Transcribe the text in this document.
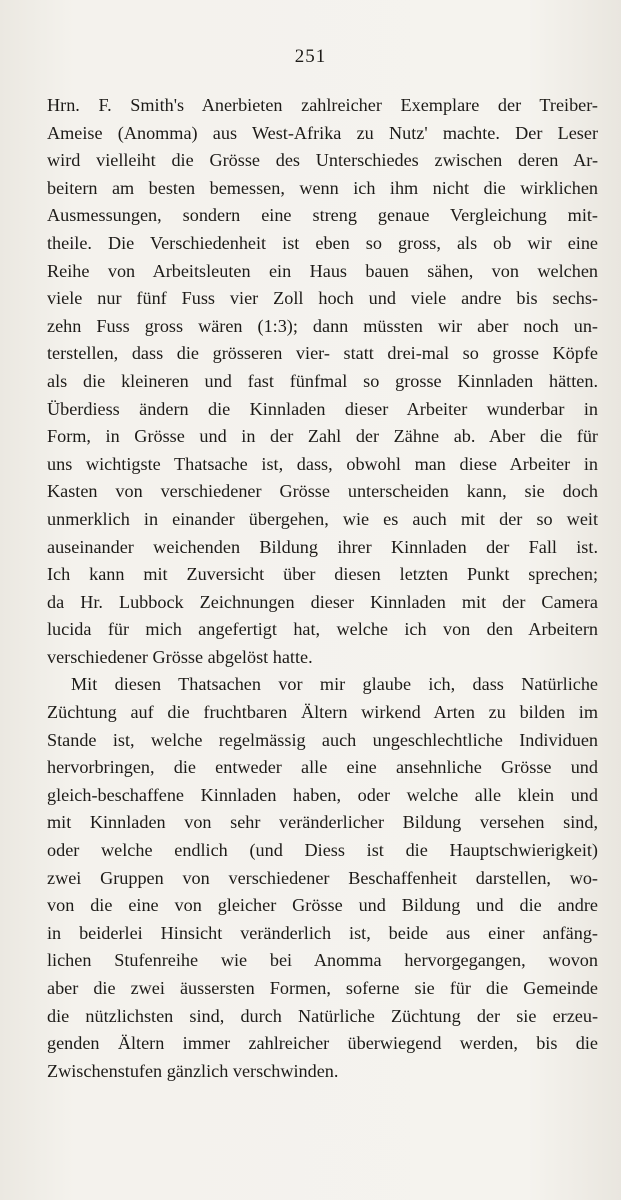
251
Hrn. F. Smith's Anerbieten zahlreicher Exemplare der Treiber-
Ameise (Anomma) aus West-Afrika zu Nutz' machte. Der Leser
wird vielleiht die Grösse des Unterschiedes zwischen deren Ar-
beitern am besten bemessen, wenn ich ihm nicht die wirklichen
Ausmessungen, sondern eine streng genaue Vergleichung mit-
theile. Die Verschiedenheit ist eben so gross, als ob wir eine
Reihe von Arbeitsleuten ein Haus bauen sähen, von welchen
viele nur fünf Fuss vier Zoll hoch und viele andre bis sechs-
zehn Fuss gross wären (1:3); dann müssten wir aber noch un-
terstellen, dass die grösseren vier- statt drei-mal so grosse Köpfe
als die kleineren und fast fünfmal so grosse Kinnladen hätten.
Überdiess ändern die Kinnladen dieser Arbeiter wunderbar in
Form, in Grösse und in der Zahl der Zähne ab. Aber die für
uns wichtigste Thatsache ist, dass, obwohl man diese Arbeiter in
Kasten von verschiedener Grösse unterscheiden kann, sie doch
unmerklich in einander übergehen, wie es auch mit der so weit
auseinander weichenden Bildung ihrer Kinnladen der Fall ist.
Ich kann mit Zuversicht über diesen letzten Punkt sprechen;
da Hr. Lubbock Zeichnungen dieser Kinnladen mit der Camera
lucida für mich angefertigt hat, welche ich von den Arbeitern
verschiedener Grösse abgelöst hatte.
Mit diesen Thatsachen vor mir glaube ich, dass Natürliche
Züchtung auf die fruchtbaren Ältern wirkend Arten zu bilden im
Stande ist, welche regelmässig auch ungeschlechtliche Individuen
hervorbringen, die entweder alle eine ansehnliche Grösse und
gleich-beschaffene Kinnladen haben, oder welche alle klein und
mit Kinnladen von sehr veränderlicher Bildung versehen sind,
oder welche endlich (und Diess ist die Hauptschwierigkeit)
zwei Gruppen von verschiedener Beschaffenheit darstellen, wo-
von die eine von gleicher Grösse und Bildung und die andre
in beiderlei Hinsicht veränderlich ist, beide aus einer anfäng-
lichen Stufenreihe wie bei Anomma hervorgegangen, wovon
aber die zwei äussersten Formen, soferne sie für die Gemeinde
die nützlichsten sind, durch Natürliche Züchtung der sie erzeu-
genden Ältern immer zahlreicher überwiegend werden, bis die
Zwischenstufen gänzlich verschwinden.
